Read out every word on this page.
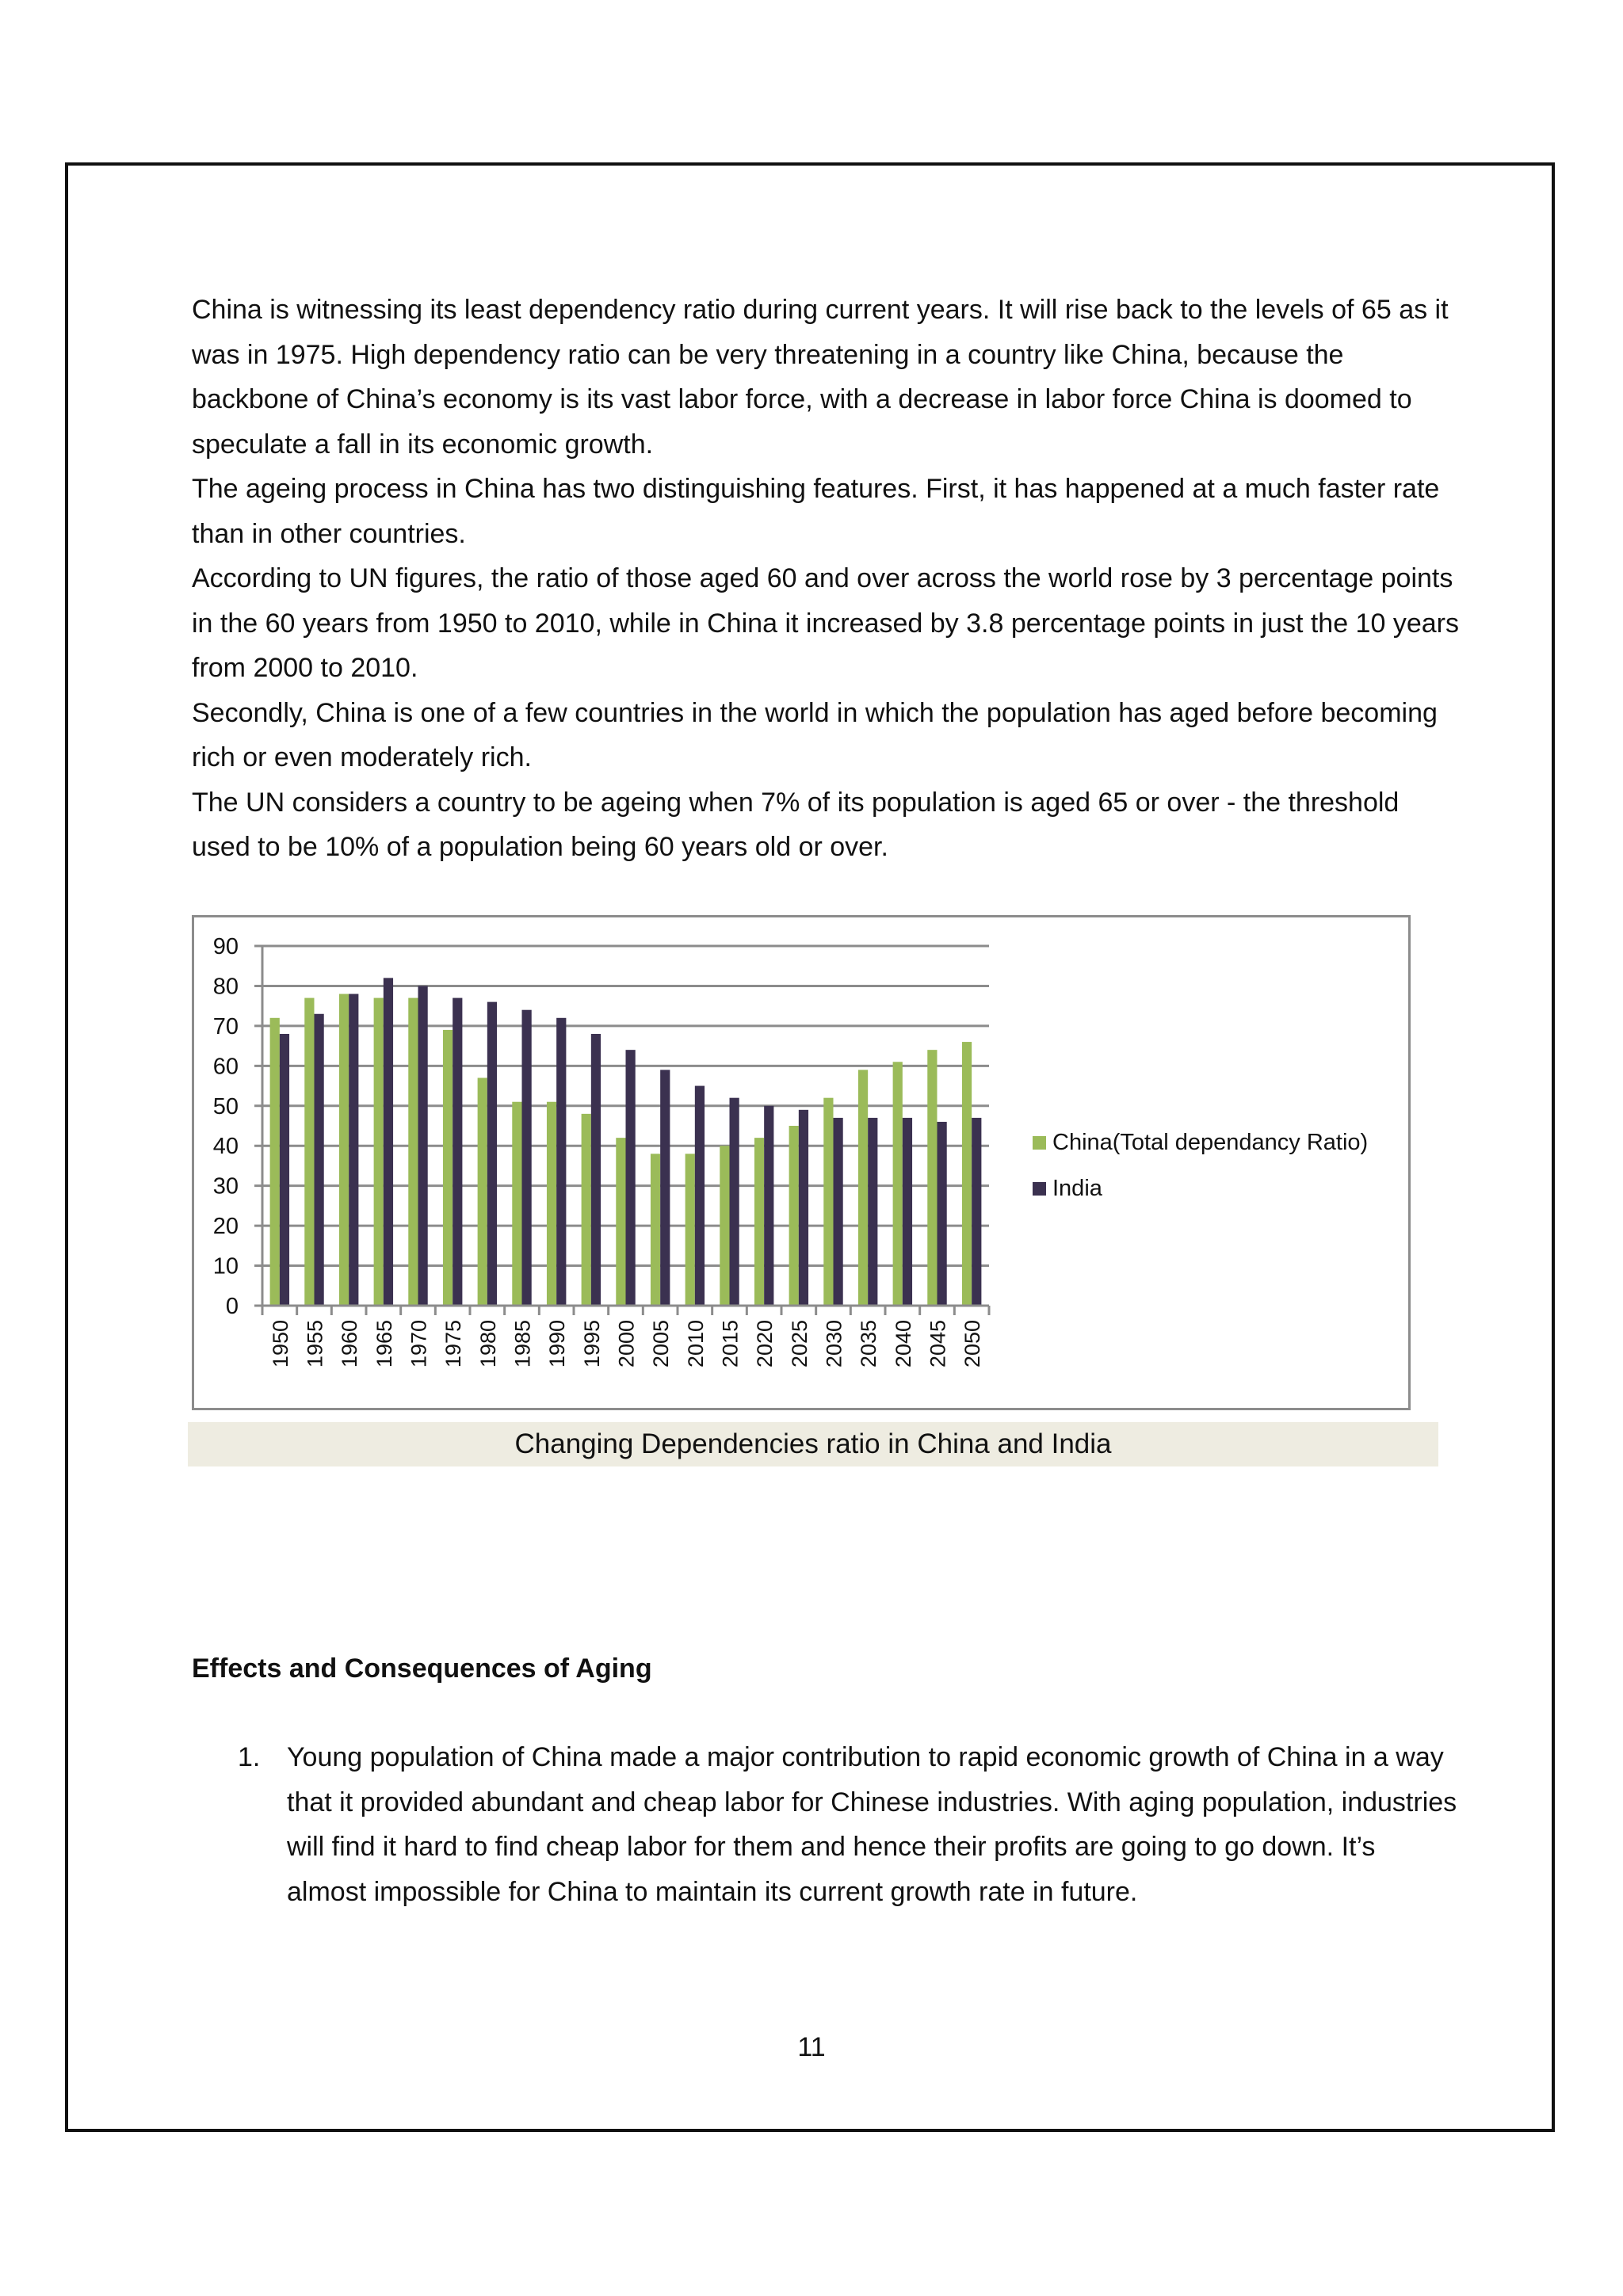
China is witnessing its least dependency ratio during current years. It will rise back to the levels of 65 as it was in 1975. High dependency ratio can be very threatening in a country like China, because the backbone of China’s economy is its vast labor force, with a decrease in labor force China is doomed to speculate a fall in its economic growth.

The ageing process in China has two distinguishing features. First, it has happened at a much faster rate than in other countries.

According to UN figures, the ratio of those aged 60 and over across the world rose by 3 percentage points in the 60 years from 1950 to 2010, while in China it increased by 3.8 percentage points in just the 10 years from 2000 to 2010.

Secondly, China is one of a few countries in the world in which the population has aged before becoming rich or even moderately rich.

The UN considers a country to be ageing when 7% of its population is aged 65 or over - the threshold used to be 10% of a population being 60 years old or over.

0
10
20
30
40
50
60
70
80
90
1950 1955 1960 1965 1970 1975 1980 1985 1990 1995 2000 2005 2010 2015 2020 2025 2030 2035 2040 2045 2050
China(Total dependancy Ratio)
India
Changing Dependencies ratio in China and India
Effects and Consequences of Aging
1. Young population of China made a major contribution to rapid economic growth of China in a way that it provided abundant and cheap labor for Chinese industries. With aging population, industries will find it hard to find cheap labor for them and hence their profits are going to go down. It’s almost impossible for China to maintain its current growth rate in future.
11
